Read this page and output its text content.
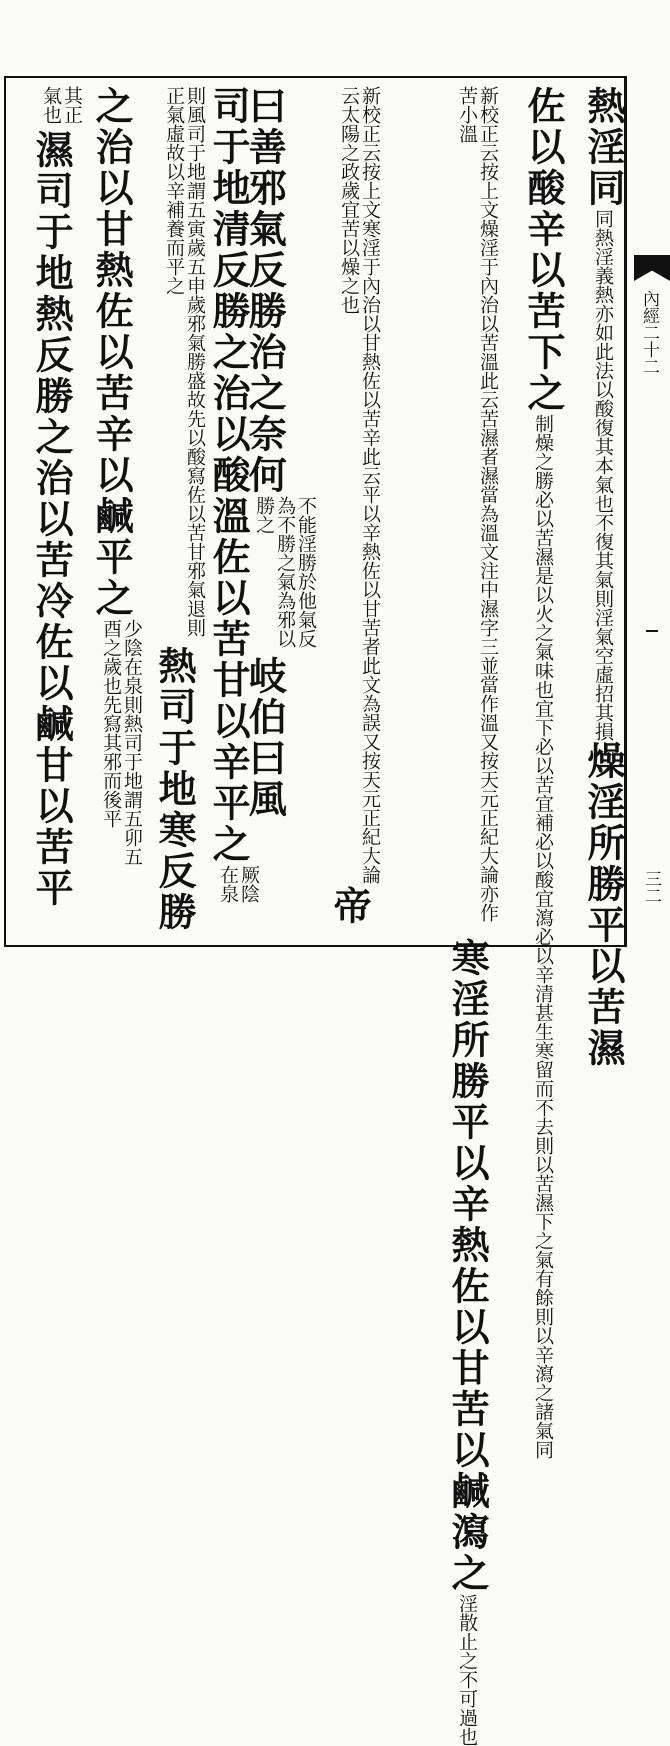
熱淫同同熱淫義熱亦如此法以酸復其本氣也不復其氣則淫氣空虛招其損燥淫所勝平以苦濕
佐以酸辛以苦下之制燥之勝必以苦濕是以火之氣味也宜下必以苦宜補必以酸宜瀉必以辛清甚生寒留而不去則以苦濕下之氣有餘則以辛瀉之諸氣同
新校正云按上文燥淫于內治以苦溫此云苦濕者濕當為溫文注中濕字三並當作溫又按天元正紀大論亦作苦小溫寒淫所勝平以辛熱佐以甘苦以鹹瀉之淫散止之不可過也
新校正云按上文寒淫于內治以甘熱佐以苦辛此云平以辛熱佐以甘苦者此文為誤又按天元正紀大論云太陽之政歲宜苦以燥之也帝
曰善邪氣反勝治之奈何不能淫勝於他氣反為不勝之氣為邪以勝之岐伯曰風
司于地清反勝之治以酸溫佐以苦甘以辛平之厥陰在泉
則風司于地謂五寅歲五申歲邪氣勝盛故先以酸寫佐以苦甘邪氣退則正氣虛故以辛補養而平之熱司于地寒反勝
之治以甘熱佐以苦辛以鹹平之少陰在泉則熱司于地謂五卯五酉之歲也先寫其邪而後平
其正氣也濕司于地熱反勝之治以苦冷佐以鹹甘以苦平	內經二十二
三二
